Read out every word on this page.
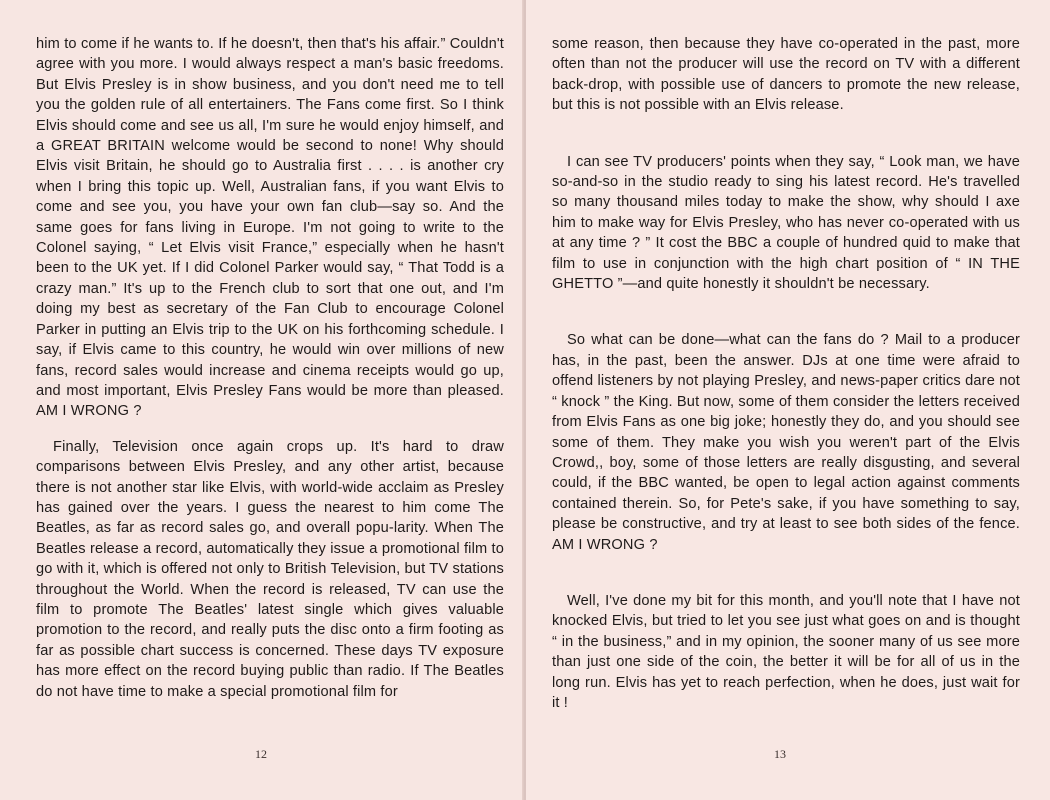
him to come if he wants to. If he doesn't, then that's his affair.” Couldn't agree with you more. I would always respect a man's basic freedoms. But Elvis Presley is in show business, and you don't need me to tell you the golden rule of all entertainers. The Fans come first. So I think Elvis should come and see us all, I'm sure he would enjoy himself, and a GREAT BRITAIN welcome would be second to none! Why should Elvis visit Britain, he should go to Australia first . . . . is another cry when I bring this topic up. Well, Australian fans, if you want Elvis to come and see you, you have your own fan club—say so. And the same goes for fans living in Europe. I'm not going to write to the Colonel saying, “ Let Elvis visit France,” especially when he hasn't been to the UK yet. If I did Colonel Parker would say, “ That Todd is a crazy man.” It's up to the French club to sort that one out, and I'm doing my best as secretary of the Fan Club to encourage Colonel Parker in putting an Elvis trip to the UK on his forthcoming schedule. I say, if Elvis came to this country, he would win over millions of new fans, record sales would increase and cinema receipts would go up, and most important, Elvis Presley Fans would be more than pleased. AM I WRONG ?

Finally, Television once again crops up. It's hard to draw comparisons between Elvis Presley, and any other artist, because there is not another star like Elvis, with world-wide acclaim as Presley has gained over the years. I guess the nearest to him come The Beatles, as far as record sales go, and overall popu-larity. When The Beatles release a record, automatically they issue a promotional film to go with it, which is offered not only to British Television, but TV stations throughout the World. When the record is released, TV can use the film to promote The Beatles' latest single which gives valuable promotion to the record, and really puts the disc onto a firm footing as far as possible chart success is concerned. These days TV exposure has more effect on the record buying public than radio. If The Beatles do not have time to make a special promotional film for

12

some reason, then because they have co-operated in the past, more often than not the producer will use the record on TV with a different back-drop, with possible use of dancers to promote the new release, but this is not possible with an Elvis release.

I can see TV producers' points when they say, “ Look man, we have so-and-so in the studio ready to sing his latest record. He's travelled so many thousand miles today to make the show, why should I axe him to make way for Elvis Presley, who has never co-operated with us at any time ? ” It cost the BBC a couple of hundred quid to make that film to use in conjunction with the high chart position of “ IN THE GHETTO ”—and quite honestly it shouldn't be necessary.

So what can be done—what can the fans do ? Mail to a producer has, in the past, been the answer. DJs at one time were afraid to offend listeners by not playing Presley, and news-paper critics dare not “ knock ” the King. But now, some of them consider the letters received from Elvis Fans as one big joke; honestly they do, and you should see some of them. They make you wish you weren't part of the Elvis Crowd,, boy, some of those letters are really disgusting, and several could, if the BBC wanted, be open to legal action against comments contained therein. So, for Pete's sake, if you have something to say, please be constructive, and try at least to see both sides of the fence. AM I WRONG ?

Well, I've done my bit for this month, and you'll note that I have not knocked Elvis, but tried to let you see just what goes on and is thought “ in the business,” and in my opinion, the sooner many of us see more than just one side of the coin, the better it will be for all of us in the long run. Elvis has yet to reach perfection, when he does, just wait for it !

13
